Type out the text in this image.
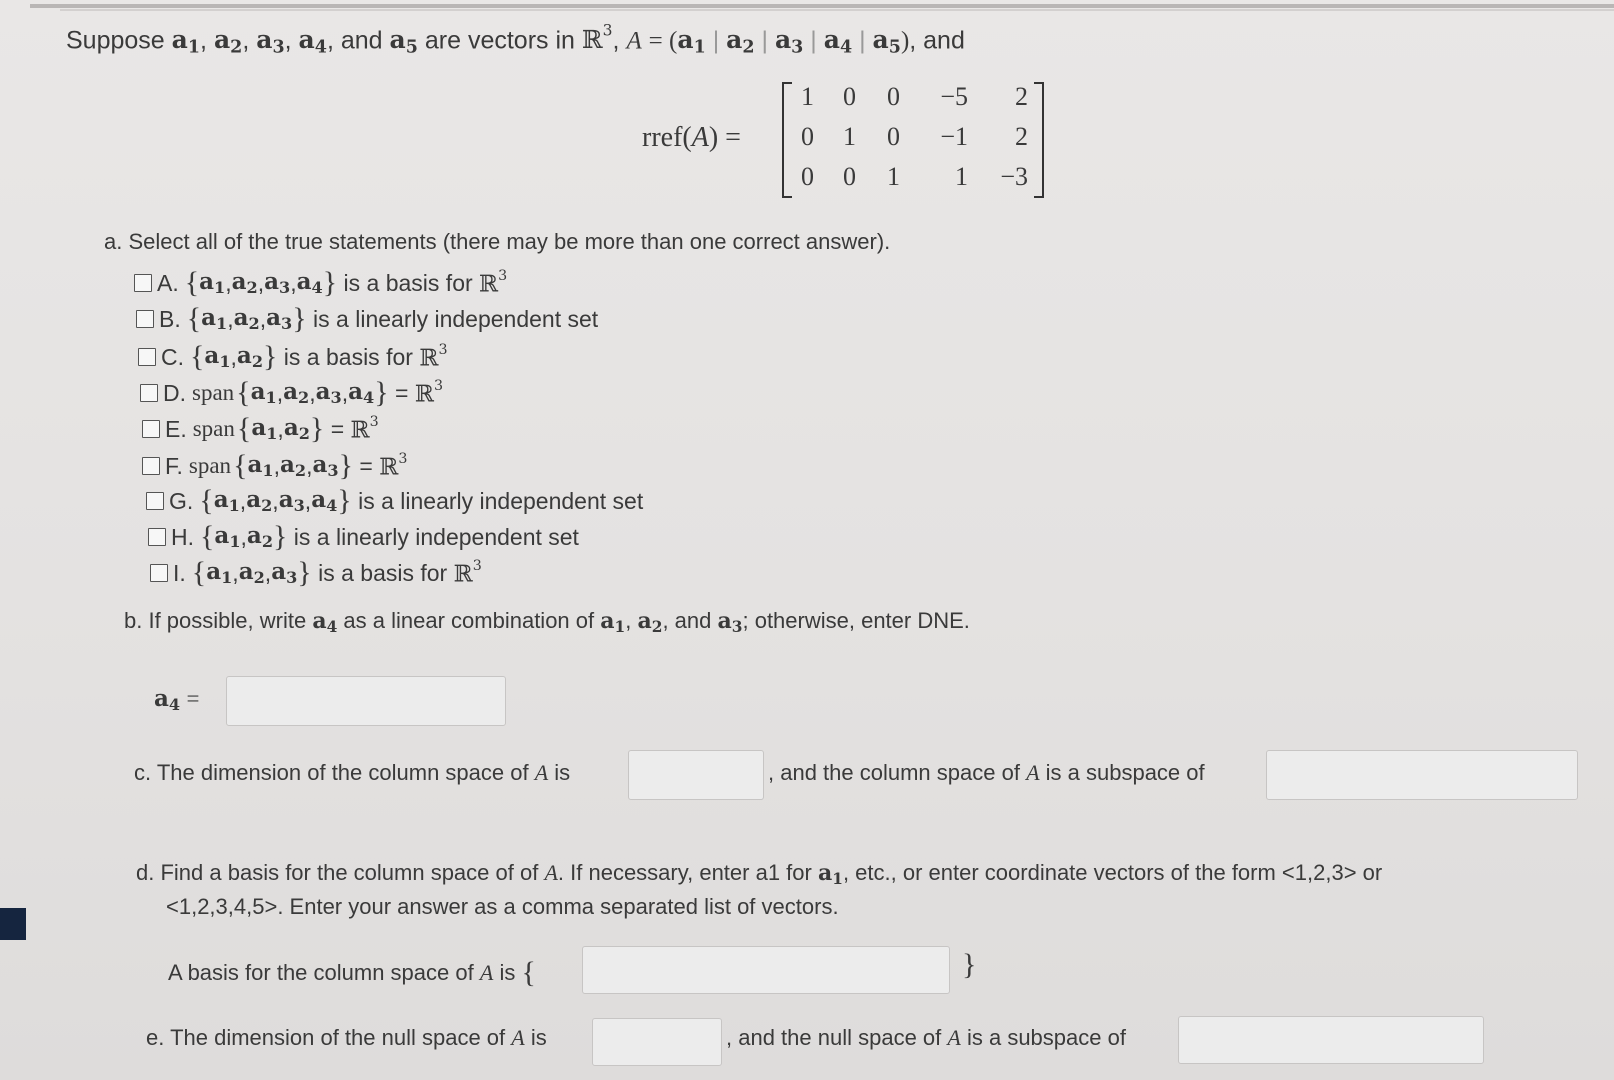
Suppose $a_1$, $a_2$, $a_3$, $a_4$, and $a_5$ are vectors in ℝ$^3$, $A = (a_1$ | $a_2$ | $a_3$ | $a_4$ | $a_5$), and
rref(A) =
1	0	0	−5	2
0	1	0	−1	2
0	0	1	1	−3
a. Select all of the true statements (there may be more than one correct answer).
A. { $a_1$ , $a_2$ , $a_3$ , $a_4$ } is a basis for ℝ$^3$
B. { $a_1$ , $a_2$ , $a_3$ } is a linearly independent set
C. { $a_1$ , $a_2$ } is a basis for ℝ$^3$
D. span { $a_1$ , $a_2$ , $a_3$ , $a_4$ } = ℝ$^3$
E. span { $a_1$ , $a_2$ } = ℝ$^3$
F. span { $a_1$ , $a_2$ , $a_3$ } = ℝ$^3$
G. { $a_1$ , $a_2$ , $a_3$ , $a_4$ } is a linearly independent set
H. { $a_1$ , $a_2$ } is a linearly independent set
I. { $a_1$ , $a_2$ , $a_3$ } is a basis for ℝ$^3$
b. If possible, write $a_4$ as a linear combination of $a_1$, $a_2$, and $a_3$; otherwise, enter DNE.
$a_4$ =
c. The dimension of the column space of A is	, and the column space of A is a subspace of
d. Find a basis for the column space of of A. If necessary, enter a1 for $a_1$, etc., or enter coordinate vectors of the form <1,2,3> or
<1,2,3,4,5>. Enter your answer as a comma separated list of vectors.
A basis for the column space of A is {	}
e. The dimension of the null space of A is	, and the null space of A is a subspace of
